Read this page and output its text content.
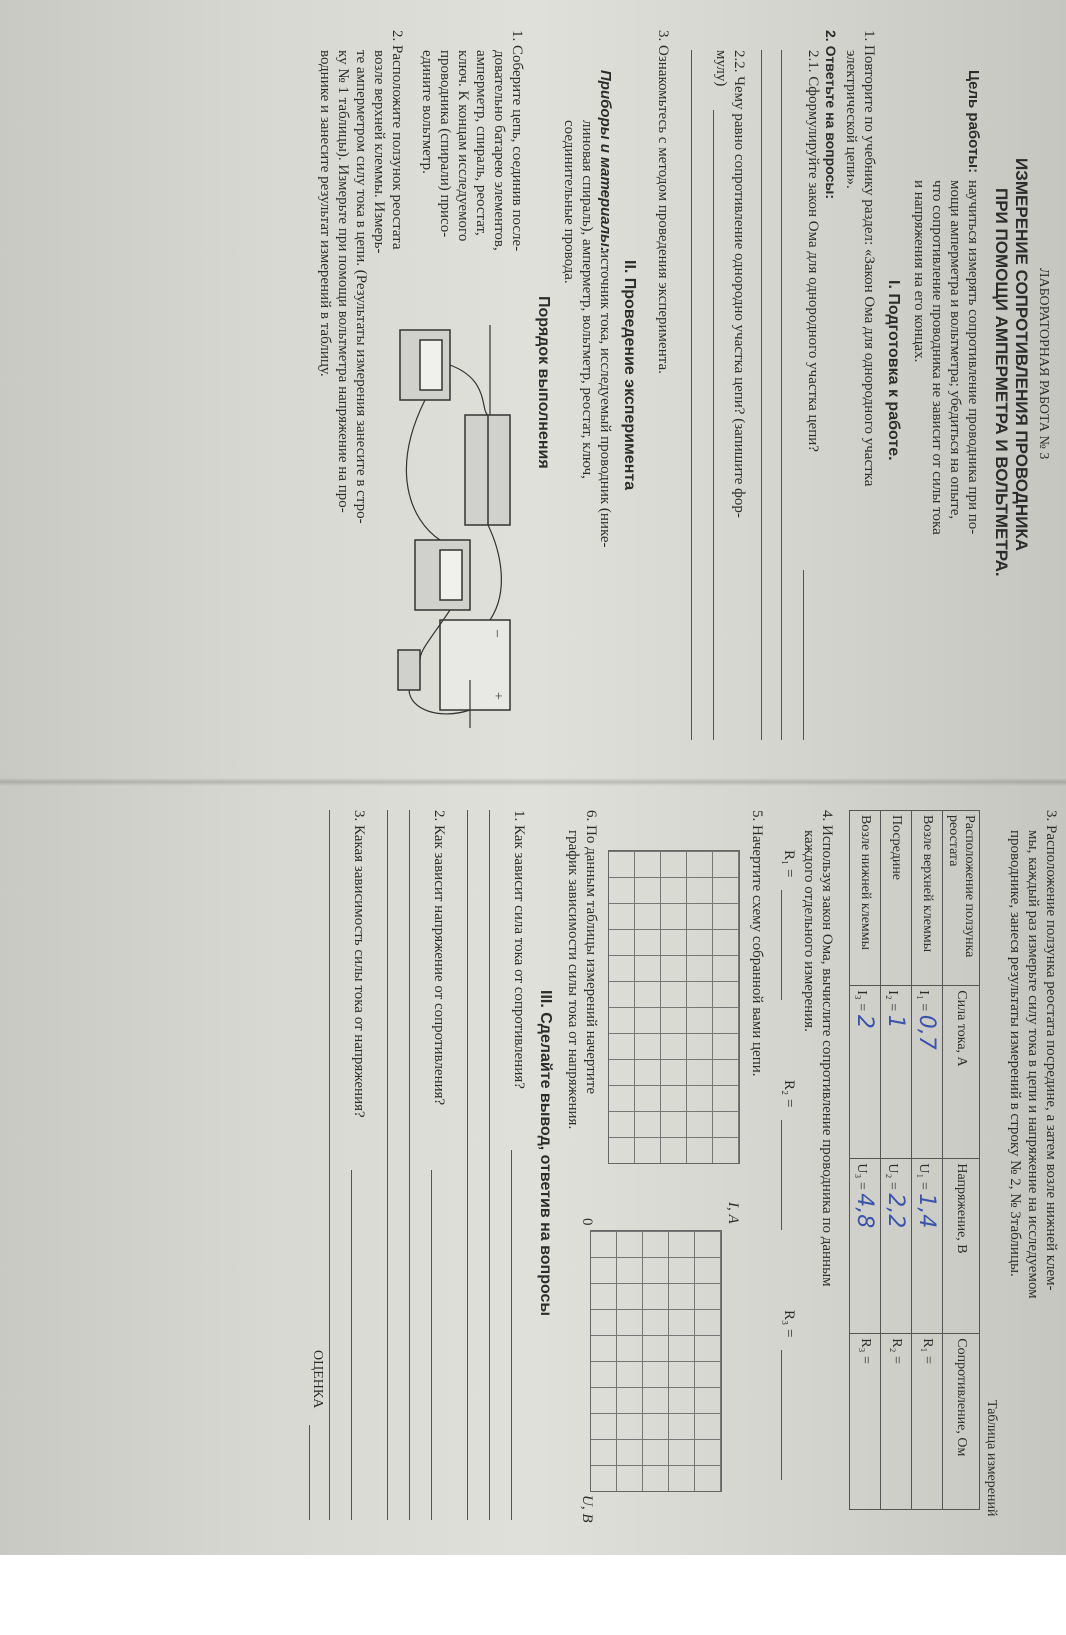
ЛАБОРАТОРНАЯ РАБОТА № 3
ИЗМЕРЕНИЕ СОПРОТИВЛЕНИЯ ПРОВОДНИКА
ПРИ ПОМОЩИ АМПЕРМЕТРА И ВОЛЬТМЕТРА.
Цель работы:
научиться измерять сопротивление проводника при по-
мощи амперметра и вольтметра; убедиться на опыте,
что сопротивление проводника не зависит от силы тока
и напряжения на его концах.
I. Подготовка к работе.
1. Повторите по учебнику раздел: «Закон Ома для однородного участка
электрической цепи».
2. Ответьте на вопросы:
2.1. Сформулируйте закон Ома для однородного участка цепи?
2.2. Чему равно сопротивление однородно участка цепи? (запишите фор-
мулу)
3. Ознакомьтесь с методом проведения эксперимента.
II. Проведение эксперимента
Приборы и материалы:
источник тока, исследуемый проводник (нике-
линовая спираль), амперметр, вольтметр, реостат, ключ,
соединительные провода.
Порядок выполнения
1. Соберите цепь, соединив после-
довательно батарею элементов,
амперметр, спираль, реостат,
ключ. К концам исследуемого
проводника (спирали) присо-
едините вольтметр.
–
+
2. Расположите ползунок реостата
возле верхней клеммы. Измерь-
те амперметром силу тока в цепи. (Результаты измерения занесите в стро-
ку № 1 таблицы). Измерьте при помощи вольтметра напряжение на про-
воднике и занесите результат измерений в таблицу.
3. Расположение ползунка реостата посредине, а затем возле нижней клем-
мы, каждый раз измерьте силу тока в цепи и напряжение на исследуемом
проводнике, занеся результаты измерений в строку № 2, № 3таблицы.
Таблица измерений
Расположение ползунка реостата	Сила тока, А	Напряжение, В	Сопротивление, Ом
Возле верхней клеммы	I₁ = 0,7	U₁ = 1,4	R₁ =
Посредине	I₂ = 1	U₂ = 2,2	R₂ =
Возле нижней клеммы	I₃ = 2	U₃ = 4,8	R₃ =
4. Используя закон Ома, вычислите сопротивление проводника по данным
каждого отдельного измерения.
R₁ =
R₂ =
R₃ =
5. Начертите схему собранной вами цепи.
I, А
0
U, В
6. По данным таблицы измерений начертите
график зависимости силы тока от напряжения.
III. Сделайте вывод, ответив на вопросы
1. Как зависит сила тока от сопротивления?
2. Как зависит напряжение от сопротивления?
3. Какая зависимость силы тока от напряжения?
ОЦЕНКА
